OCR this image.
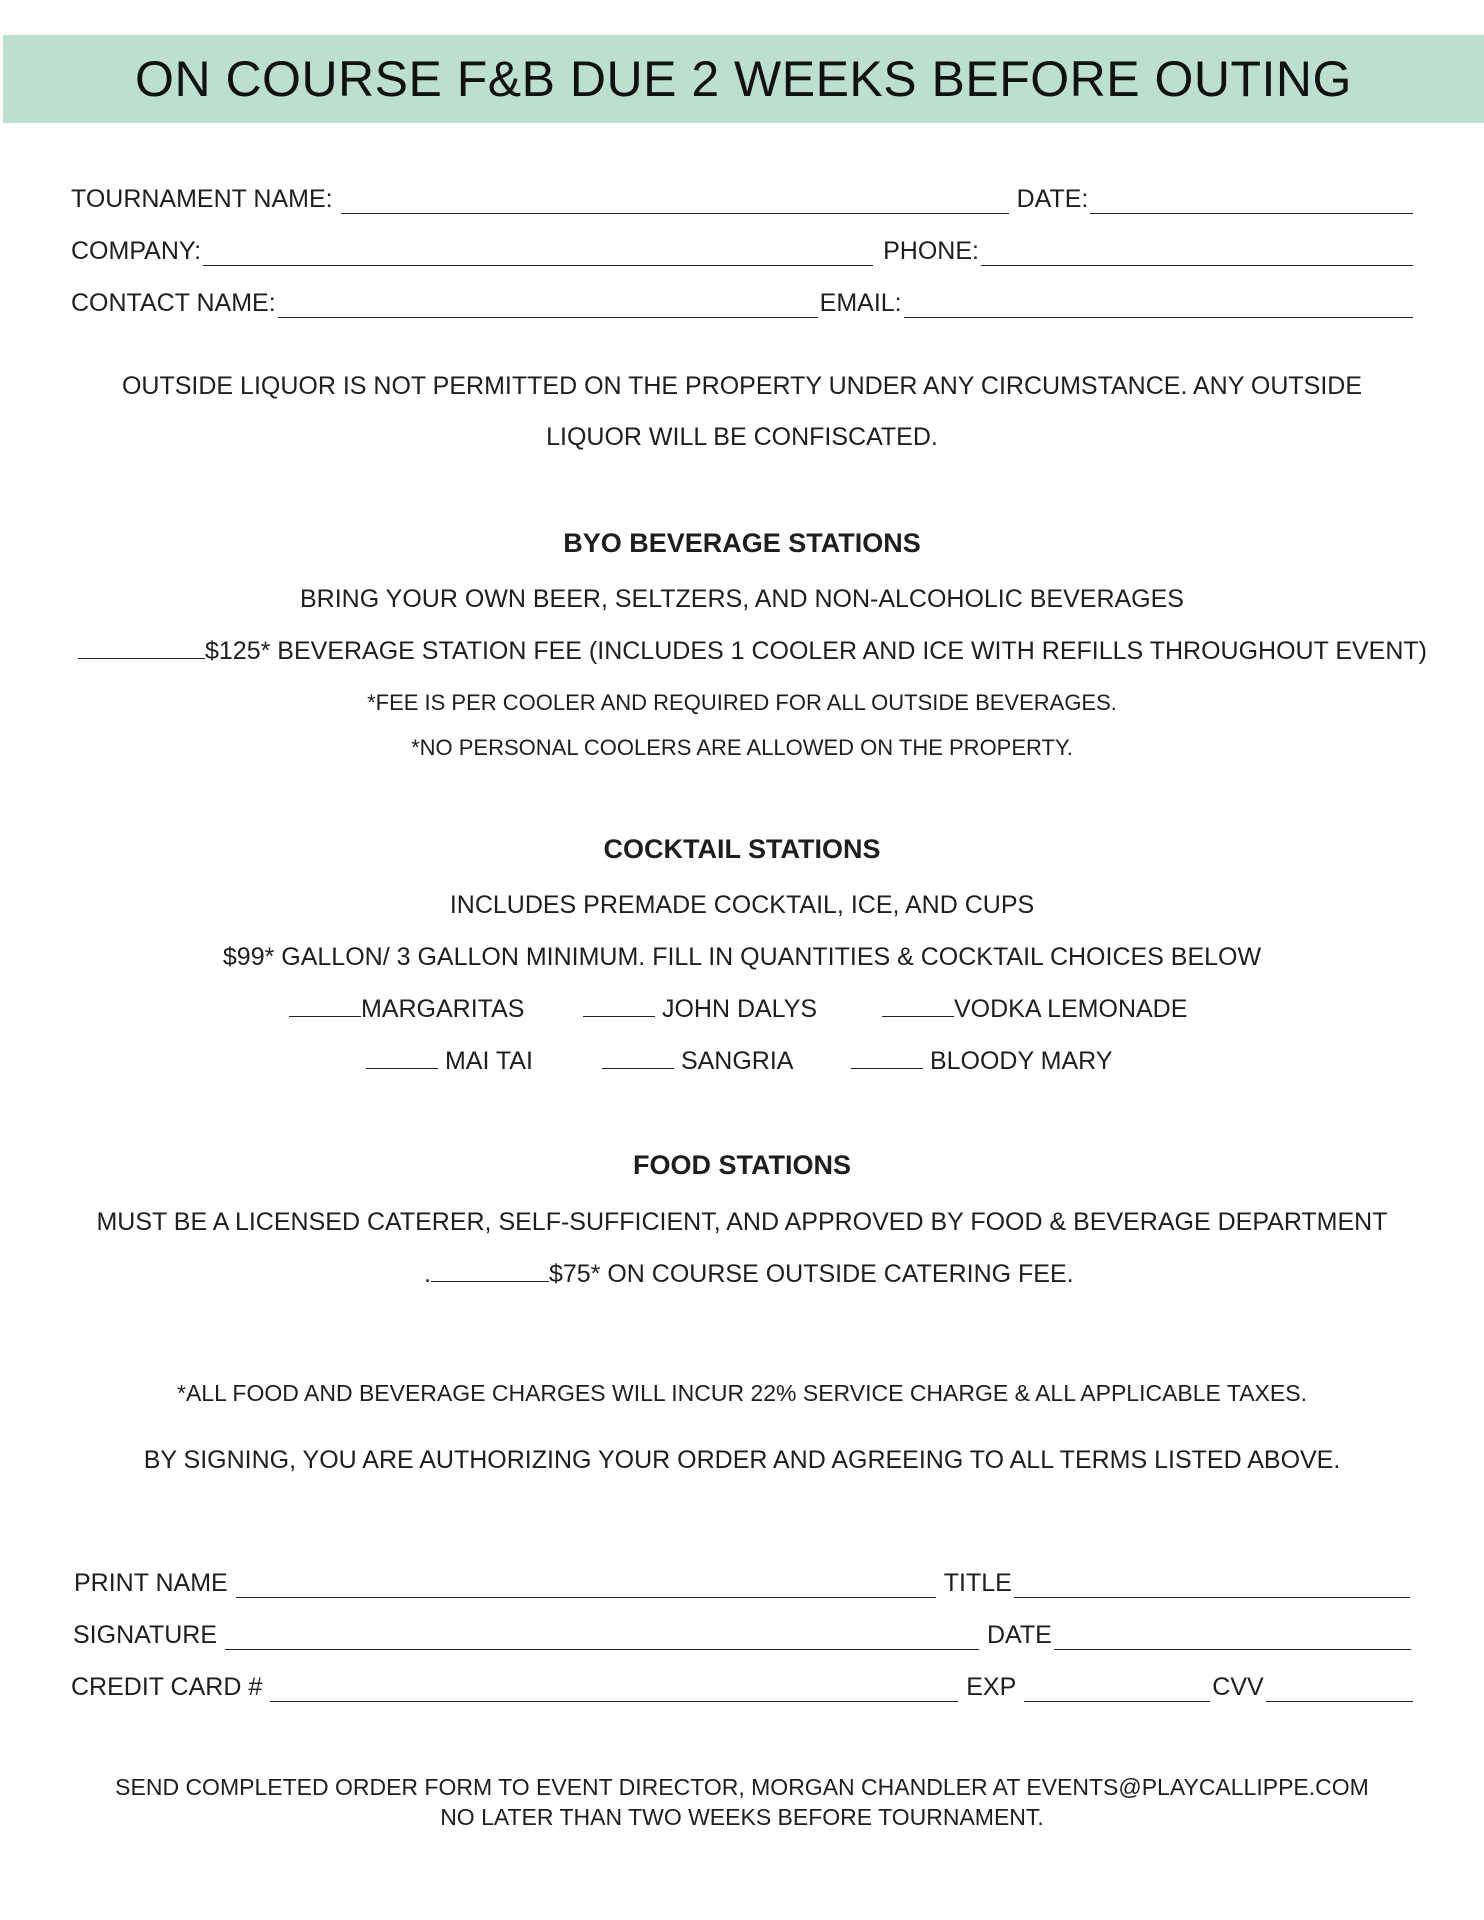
ON COURSE F&B DUE 2 WEEKS BEFORE OUTING
TOURNAMENT NAME:	DATE:
COMPANY:	PHONE:
CONTACT NAME:	EMAIL:
OUTSIDE LIQUOR IS NOT PERMITTED ON THE PROPERTY UNDER ANY CIRCUMSTANCE. ANY OUTSIDE
LIQUOR WILL BE CONFISCATED.
BYO BEVERAGE STATIONS
BRING YOUR OWN BEER, SELTZERS, AND NON-ALCOHOLIC BEVERAGES
$125* BEVERAGE STATION FEE (INCLUDES 1 COOLER AND ICE WITH REFILLS THROUGHOUT EVENT)
*FEE IS PER COOLER AND REQUIRED FOR ALL OUTSIDE BEVERAGES.
*NO PERSONAL COOLERS ARE ALLOWED ON THE PROPERTY.
COCKTAIL STATIONS
INCLUDES PREMADE COCKTAIL, ICE, AND CUPS
$99* GALLON/ 3 GALLON MINIMUM. FILL IN QUANTITIES & COCKTAIL CHOICES BELOW
MARGARITAS	JOHN DALYS	VODKA LEMONADE
MAI TAI	SANGRIA	BLOODY MARY
FOOD STATIONS
MUST BE A LICENSED CATERER, SELF-SUFFICIENT, AND APPROVED BY FOOD & BEVERAGE DEPARTMENT
.	$75* ON COURSE OUTSIDE CATERING FEE.
*ALL FOOD AND BEVERAGE CHARGES WILL INCUR 22% SERVICE CHARGE & ALL APPLICABLE TAXES.
BY SIGNING, YOU ARE AUTHORIZING YOUR ORDER AND AGREEING TO ALL TERMS LISTED ABOVE.
PRINT NAME	TITLE
SIGNATURE	DATE
CREDIT CARD #	EXP	CVV
SEND COMPLETED ORDER FORM TO EVENT DIRECTOR, MORGAN CHANDLER AT EVENTS@PLAYCALLIPPE.COM
NO LATER THAN TWO WEEKS BEFORE TOURNAMENT.
